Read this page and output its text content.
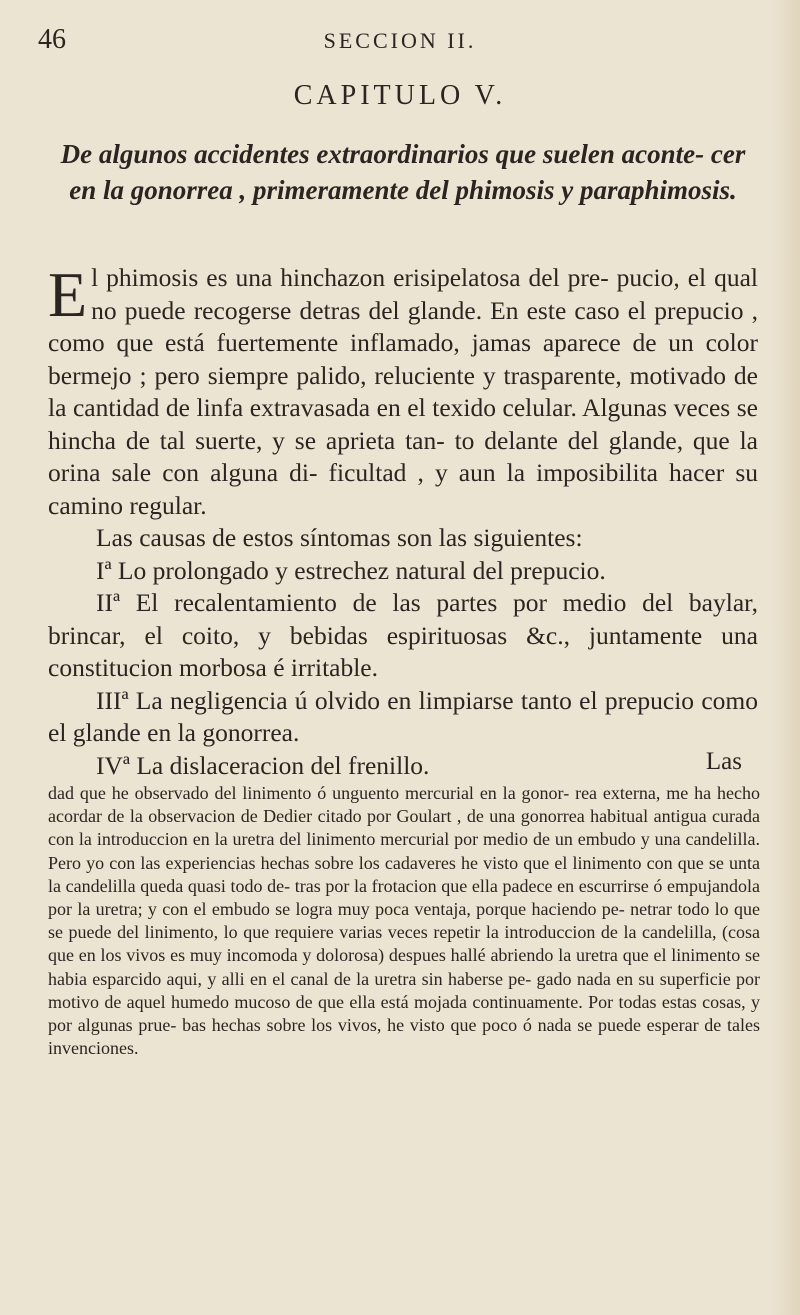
46	SECCION II.
CAPITULO V.
De algunos accidentes extraordinarios que suelen aconte- cer en la gonorrea , primeramente del phimosis y paraphimosis.

El phimosis es una hinchazon erisipelatosa del pre- pucio, el qual no puede recogerse detras del glande. En este caso el prepucio , como que está fuertemente inflamado, jamas aparece de un color bermejo ; pero siempre palido, reluciente y trasparente, motivado de la cantidad de linfa extravasada en el texido celular. Algunas veces se hincha de tal suerte, y se aprieta tan- to delante del glande, que la orina sale con alguna di- ficultad , y aun la imposibilita hacer su camino regular.

Las causas de estos síntomas son las siguientes:

Iª Lo prolongado y estrechez natural del prepucio.

IIª El recalentamiento de las partes por medio del baylar, brincar, el coito, y bebidas espirituosas &c., juntamente una constitucion morbosa é irritable.

IIIª La negligencia ú olvido en limpiarse tanto el prepucio como el glande en la gonorrea.

IVª La dislaceracion del frenillo.	Las

dad que he observado del linimento ó unguento mercurial en la gonor- rea externa, me ha hecho acordar de la observacion de Dedier citado por Goulart , de una gonorrea habitual antigua curada con la introduccion en la uretra del linimento mercurial por medio de un embudo y una candelilla. Pero yo con las experiencias hechas sobre los cadaveres he visto que el linimento con que se unta la candelilla queda quasi todo de- tras por la frotacion que ella padece en escurrirse ó empujandola por la uretra; y con el embudo se logra muy poca ventaja, porque haciendo pe- netrar todo lo que se puede del linimento, lo que requiere varias veces repetir la introduccion de la candelilla, (cosa que en los vivos es muy incomoda y dolorosa) despues hallé abriendo la uretra que el linimento se habia esparcido aqui, y alli en el canal de la uretra sin haberse pe- gado nada en su superficie por motivo de aquel humedo mucoso de que ella está mojada continuamente. Por todas estas cosas, y por algunas prue- bas hechas sobre los vivos, he visto que poco ó nada se puede esperar de tales invenciones.
